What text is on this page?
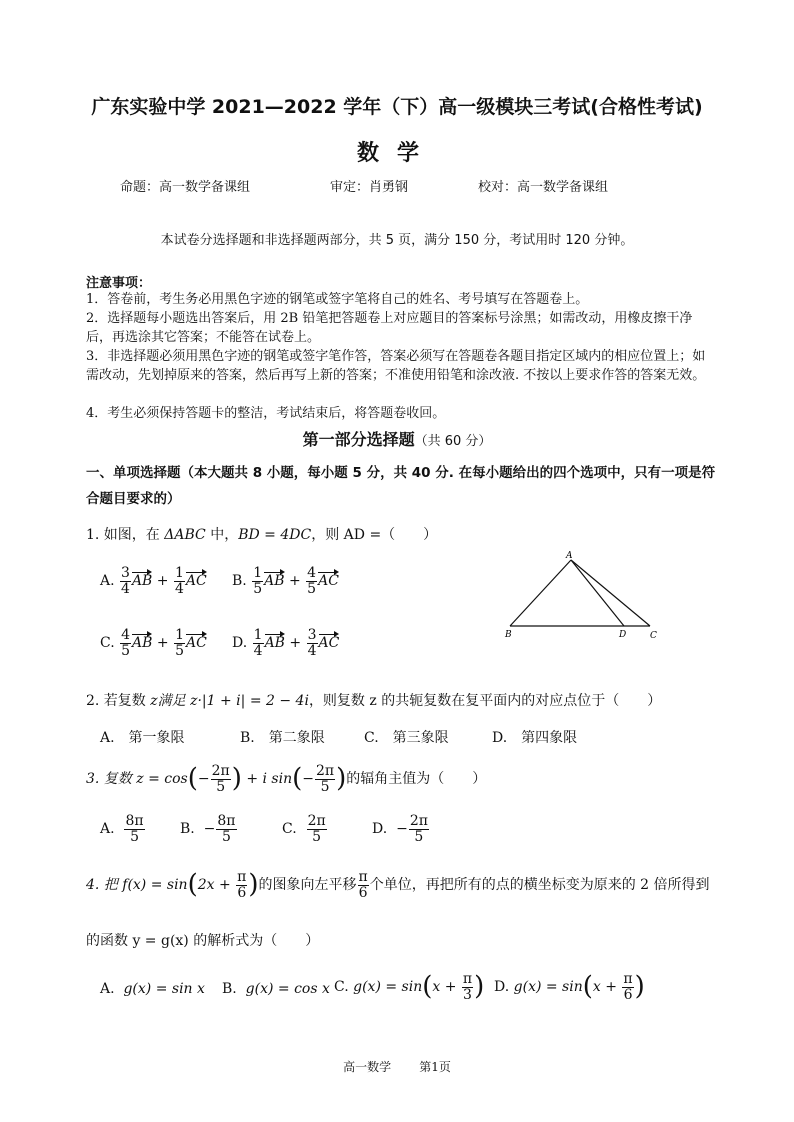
广东实验中学 2021—2022 学年（下）高一级模块三考试(合格性考试)
数学
命题：高一数学备课组	审定：肖勇钢	校对：高一数学备课组
本试卷分选择题和非选择题两部分，共 5 页，满分 150 分，考试用时 120 分钟。
注意事项：
1．答卷前，考生务必用黑色字迹的钢笔或签字笔将自己的姓名、考号填写在答题卷上。
2．选择题每小题选出答案后，用 2B 铅笔把答题卷上对应题目的答案标号涂黑；如需改动，用橡皮擦干净后，再选涂其它答案；不能答在试卷上。
3．非选择题必须用黑色字迹的钢笔或签字笔作答，答案必须写在答题卷各题目指定区域内的相应位置上；如需改动，先划掉原来的答案，然后再写上新的答案；不准使用铅笔和涂改液. 不按以上要求作答的答案无效。
4．考生必须保持答题卡的整洁，考试结束后，将答题卷收回。
第一部分选择题（共 60 分）
一、单项选择题（本大题共 8 小题，每小题 5 分，共 40 分. 在每小题给出的四个选项中，只有一项是符合题目要求的）
1. 如图，在 ΔABC 中，BD = 4DC，则 AD =（　　）
A. $\frac{3}{4}$ AB + $\frac{1}{4}$ AC B. $\frac{1}{5}$ AB + $\frac{4}{5}$ AC
C. $\frac{4}{5}$ AB + $\frac{1}{5}$ AC D. $\frac{1}{4}$ AB + $\frac{3}{4}$ AC
A
B	D	C
2. 若复数 z满足 z·|1 + i| = 2 − 4i，则复数 z 的共轭复数在复平面内的对应点位于（　　）
A.　第一象限	B.　第二象限	C.　第三象限	D.　第四象限
3. 复数 $z = \cos(- \frac{2\pi}{5}$ ) + i $\sin(- \frac{2\pi}{5}$ )的辐角主值为（　　）
A. $\frac{8\pi}{5}$	B. − $\frac{8\pi}{5}$	C. $\frac{2\pi}{5}$	D. − $\frac{2\pi}{5}$
4. 把 $f(x) = \sin(2x + \frac{\pi}{6}$ )的图象向左平移 $\frac{\pi}{6}$ 个单位，再把所有的点的横坐标变为原来的 2 倍所得到
的函数 y = g(x) 的解析式为（　　）
A. g(x) = sin x B. g(x) = cos x C. $g(x) = \sin(x + \frac{\pi}{3}$ ) D. $g(x) = \sin(x + \frac{\pi}{6}$ )
高一数学 第1页
